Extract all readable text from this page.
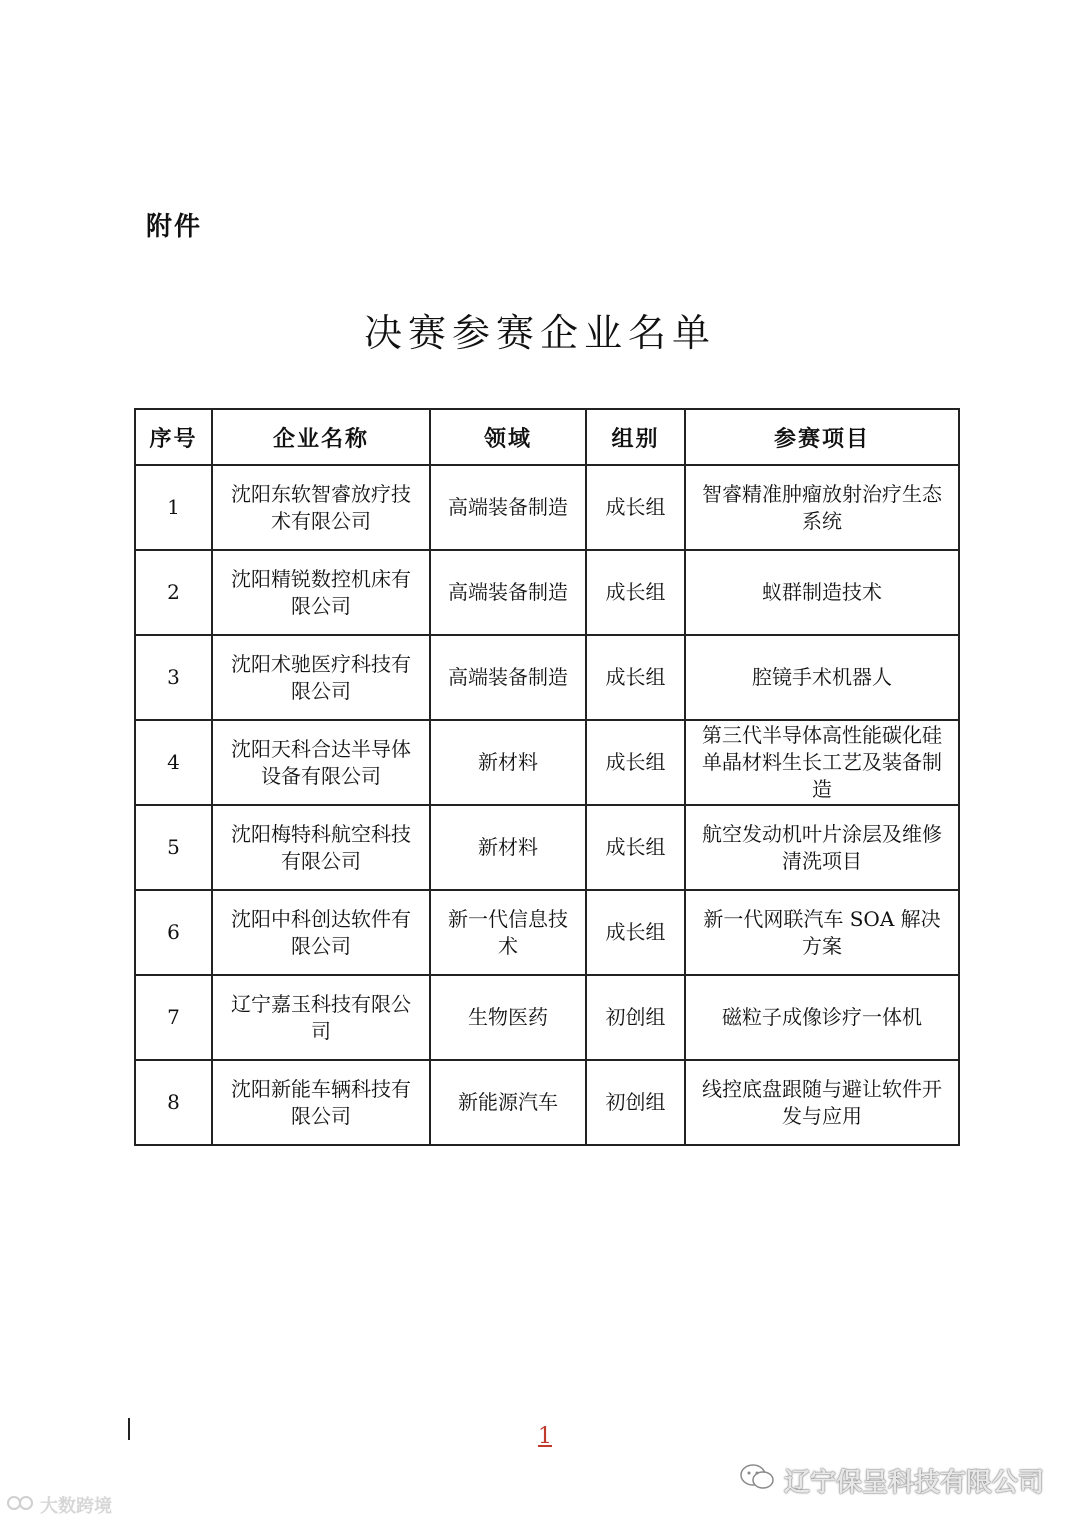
附件
决赛参赛企业名单
序号	企业名称	领域	组别	参赛项目
1	沈阳东软智睿放疗技术有限公司	高端装备制造	成长组	智睿精准肿瘤放射治疗生态系统
2	沈阳精锐数控机床有限公司	高端装备制造	成长组	蚁群制造技术
3	沈阳术驰医疗科技有限公司	高端装备制造	成长组	腔镜手术机器人
4	沈阳天科合达半导体设备有限公司	新材料	成长组	第三代半导体高性能碳化硅单晶材料生长工艺及装备制造
5	沈阳梅特科航空科技有限公司	新材料	成长组	航空发动机叶片涂层及维修清洗项目
6	沈阳中科创达软件有限公司	新一代信息技术	成长组	新一代网联汽车 SOA 解决方案
7	辽宁嘉玉科技有限公司	生物医药	初创组	磁粒子成像诊疗一体机
8	沈阳新能车辆科技有限公司	新能源汽车	初创组	线控底盘跟随与避让软件开发与应用
1
大数跨境
辽宁保呈科技有限公司
